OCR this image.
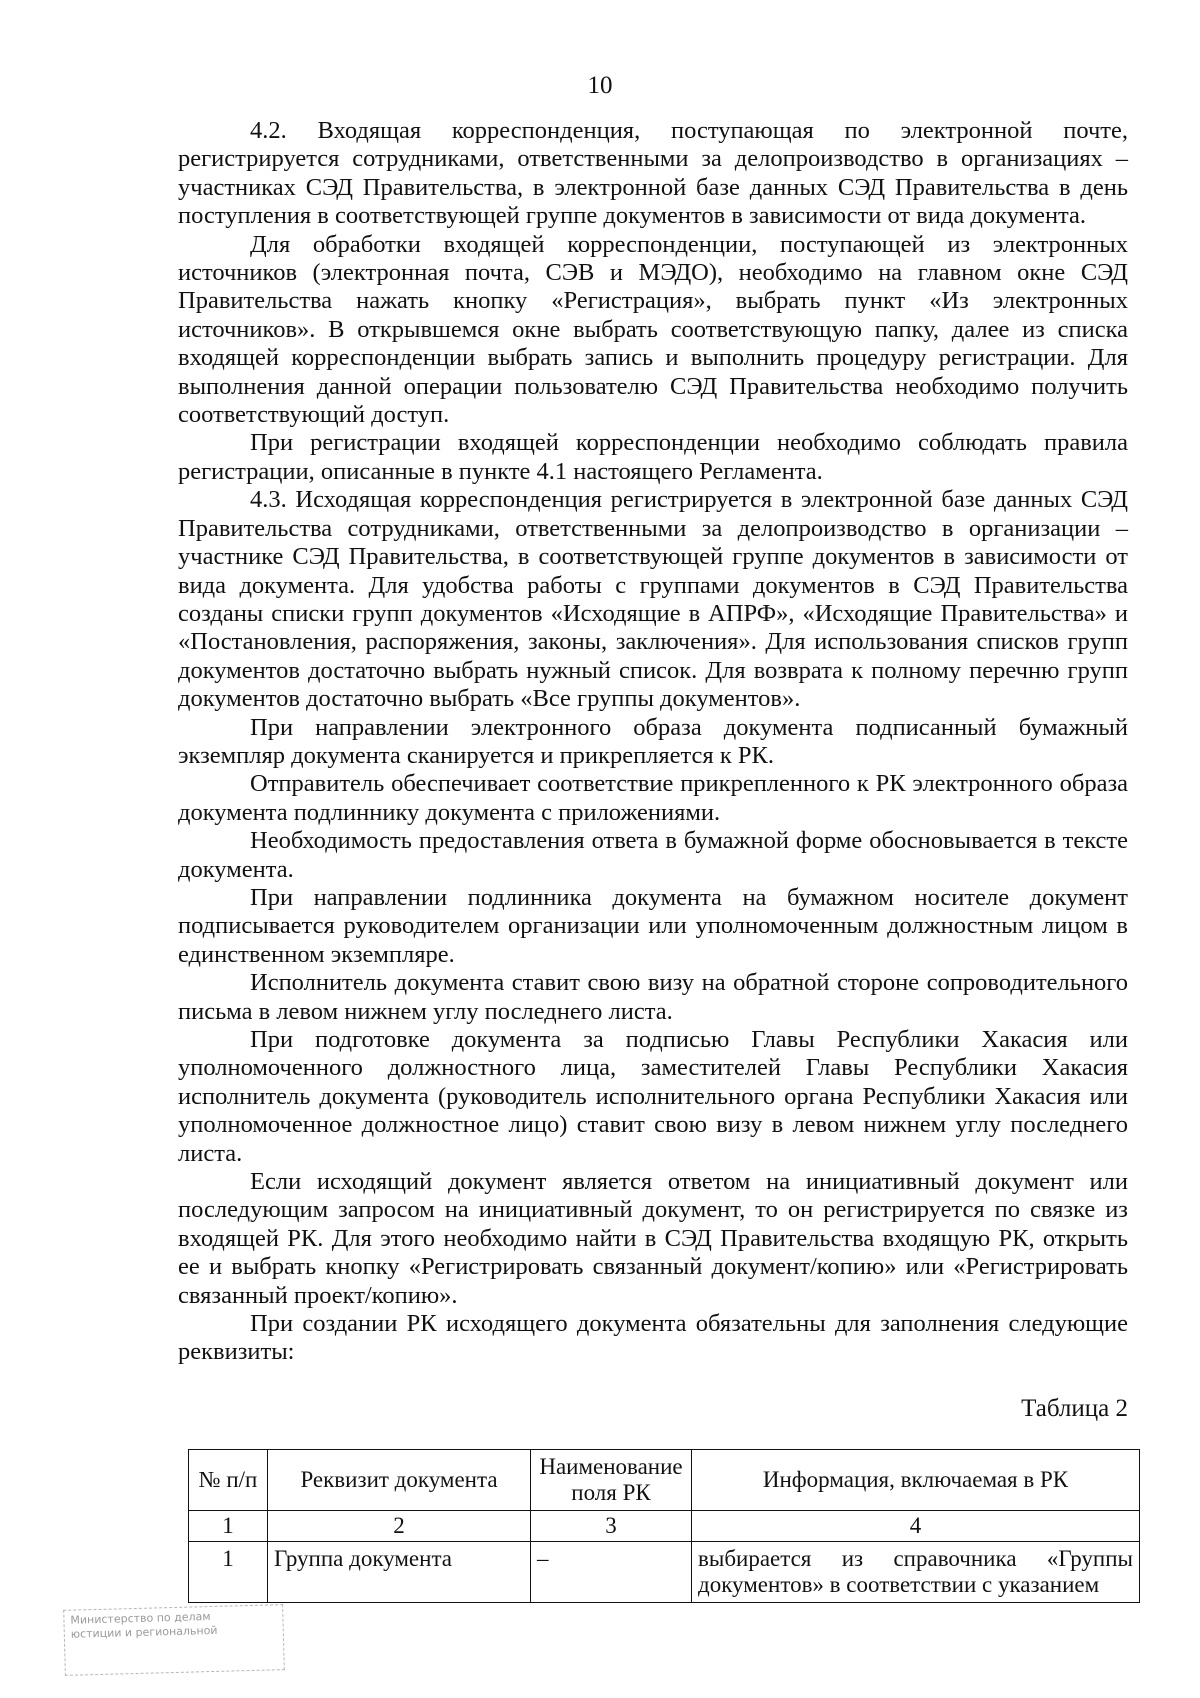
10

4.2. Входящая корреспонденция, поступающая по электронной почте, регистрируется сотрудниками, ответственными за делопроизводство в организациях – участниках СЭД Правительства, в электронной базе данных СЭД Правительства в день поступления в соответствующей группе документов в зависимости от вида документа.

Для обработки входящей корреспонденции, поступающей из электронных источников (электронная почта, СЭВ и МЭДО), необходимо на главном окне СЭД Правительства нажать кнопку «Регистрация», выбрать пункт «Из электронных источников». В открывшемся окне выбрать соответствующую папку, далее из списка входящей корреспонденции выбрать запись и выполнить процедуру регистрации. Для выполнения данной операции пользователю СЭД Правительства необходимо получить соответствующий доступ.

При регистрации входящей корреспонденции необходимо соблюдать правила регистрации, описанные в пункте 4.1 настоящего Регламента.

4.3. Исходящая корреспонденция регистрируется в электронной базе данных СЭД Правительства сотрудниками, ответственными за делопроизводство в организации – участнике СЭД Правительства, в соответствующей группе документов в зависимости от вида документа. Для удобства работы с группами документов в СЭД Правительства созданы списки групп документов «Исходящие в АПРФ», «Исходящие Правительства» и «Постановления, распоряжения, законы, заключения». Для использования списков групп документов достаточно выбрать нужный список. Для возврата к полному перечню групп документов достаточно выбрать «Все группы документов».

При направлении электронного образа документа подписанный бумажный экземпляр документа сканируется и прикрепляется к РК.

Отправитель обеспечивает соответствие прикрепленного к РК электронного образа документа подлиннику документа с приложениями.

Необходимость предоставления ответа в бумажной форме обосновывается в тексте документа.

При направлении подлинника документа на бумажном носителе документ подписывается руководителем организации или уполномоченным должностным лицом в единственном экземпляре.

Исполнитель документа ставит свою визу на обратной стороне сопроводительного письма в левом нижнем углу последнего листа.

При подготовке документа за подписью Главы Республики Хакасия или уполномоченного должностного лица, заместителей Главы Республики Хакасия исполнитель документа (руководитель исполнительного органа Республики Хакасия или уполномоченное должностное лицо) ставит свою визу в левом нижнем углу последнего листа.

Если исходящий документ является ответом на инициативный документ или последующим запросом на инициативный документ, то он регистрируется по связке из входящей РК. Для этого необходимо найти в СЭД Правительства входящую РК, открыть ее и выбрать кнопку «Регистрировать связанный документ/копию» или «Регистрировать связанный проект/копию».

При создании РК исходящего документа обязательны для заполнения следующие реквизиты:

Таблица 2
№ п/п	Реквизит документа	Наименование поля РК	Информация, включаемая в РК
1	2	3	4
1	Группа документа	–	выбирается из справочника «Группы документов» в соответствии с указанием
Министерство по делам
юстиции и региональной
